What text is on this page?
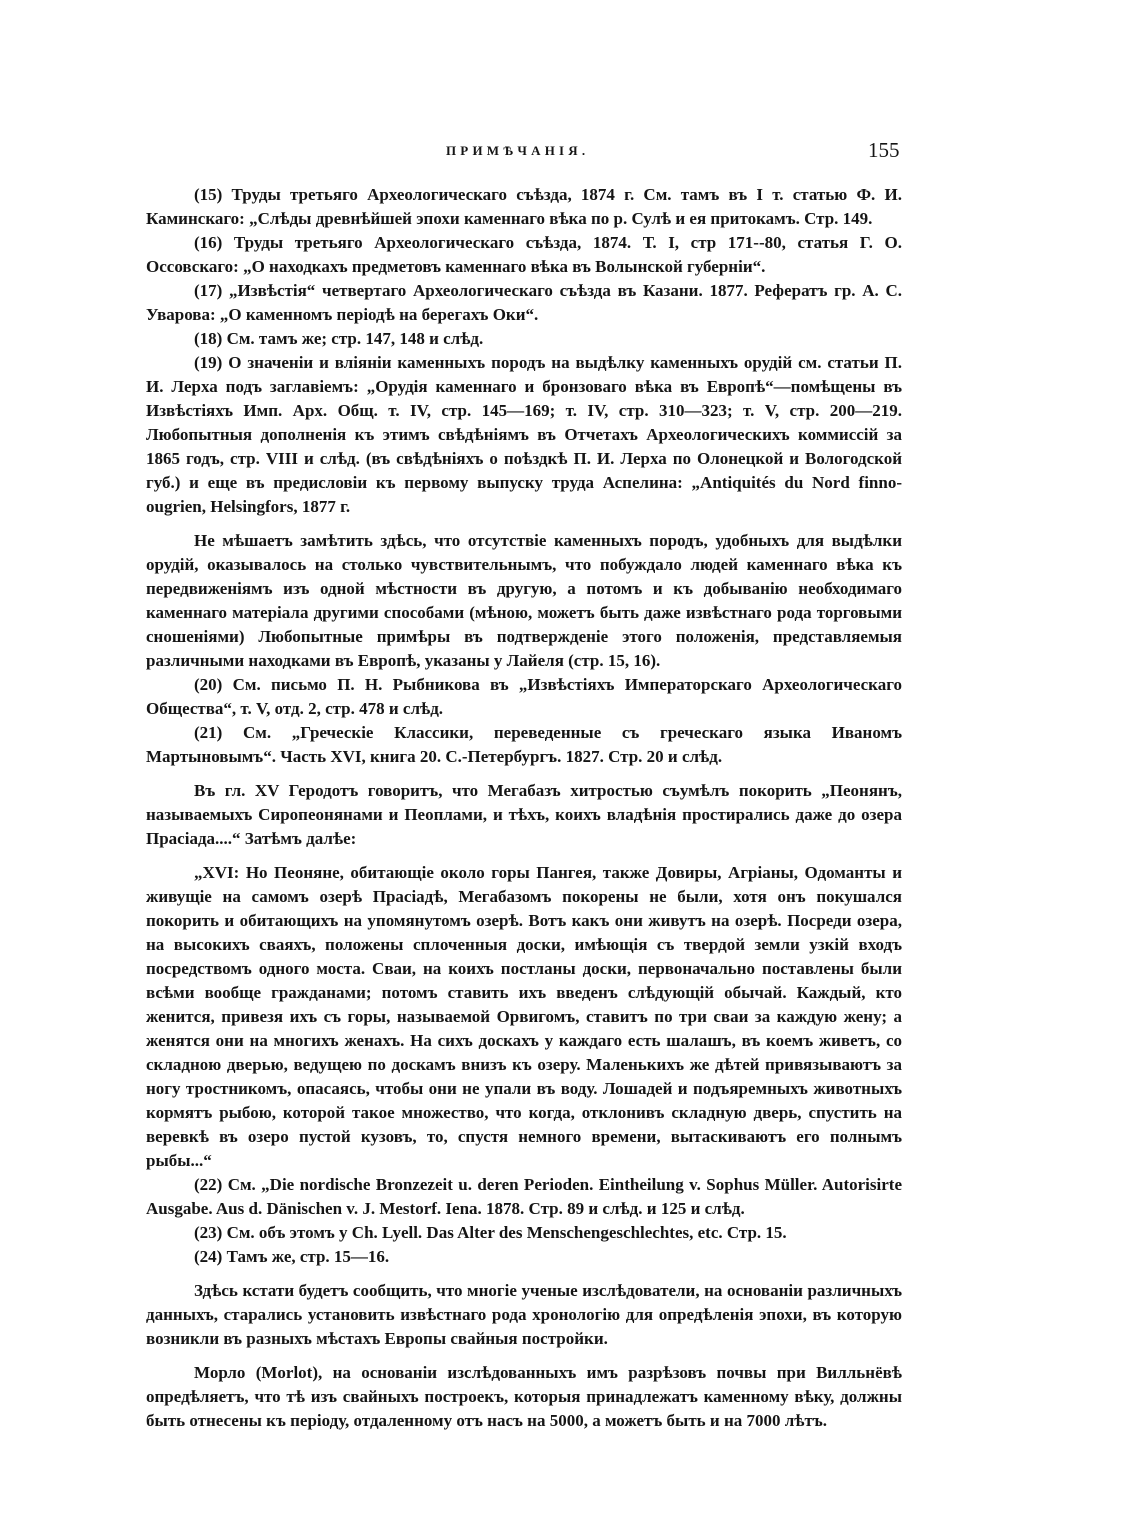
ПРИМѢЧАНІЯ.	155

(15) Труды третьяго Археологическаго съѣзда, 1874 г. См. тамъ въ I т. статью Ф. И. Каминскаго: „Слѣды древнѣйшей эпохи каменнаго вѣка по р. Сулѣ и ея притокамъ. Стр. 149.

(16) Труды третьяго Археологическаго съѣзда, 1874. Т. I, стр 171--80, статья Г. О. Оссовскаго: „О находкахъ предметовъ каменнаго вѣка въ Волынской губерніи“.

(17) „Извѣстія“ четвертаго Археологическаго съѣзда въ Казани. 1877. Рефератъ гр. А. С. Уварова: „О каменномъ періодѣ на берегахъ Оки“.

(18) См. тамъ же; стр. 147, 148 и слѣд.

(19) О значеніи и вліяніи каменныхъ породъ на выдѣлку каменныхъ орудій см. статьи П. И. Лерха подъ заглавіемъ: „Орудія каменнаго и бронзоваго вѣка въ Европѣ“—помѣщены въ Извѣстіяхъ Имп. Арх. Общ. т. IV, стр. 145—169; т. IV, стр. 310—323; т. V, стр. 200—219. Любопытныя дополненія къ этимъ свѣдѣніямъ въ Отчетахъ Археологическихъ коммиссій за 1865 годъ, стр. VIII и слѣд. (въ свѣдѣніяхъ о поѣздкѣ П. И. Лерха по Олонецкой и Вологодской губ.) и еще въ предисловіи къ первому выпуску труда Аспелина: „Antiquités du Nord finno-ougrien, Helsingfors, 1877 г.

Не мѣшаетъ замѣтить здѣсь, что отсутствіе каменныхъ породъ, удобныхъ для выдѣлки орудій, оказывалось на столько чувствительнымъ, что побуждало людей каменнаго вѣка къ передвиженіямъ изъ одной мѣстности въ другую, а потомъ и къ добыванію необходимаго каменнаго матеріала другими способами (мѣною, можетъ быть даже извѣстнаго рода торговыми сношеніями) Любопытные примѣры въ подтвержденіе этого положенія, представляемыя различными находками въ Европѣ, указаны у Лайеля (стр. 15, 16).

(20) См. письмо П. Н. Рыбникова въ „Извѣстіяхъ Императорскаго Археологическаго Общества“, т. V, отд. 2, стр. 478 и слѣд.

(21) См. „Греческіе Классики, переведенные съ греческаго языка Иваномъ Мартыновымъ“. Часть XVI, книга 20. С.-Петербургъ. 1827. Стр. 20 и слѣд.

Въ гл. XV Геродотъ говоритъ, что Мегабазъ хитростью съумѣлъ покорить „Пеонянъ, называемыхъ Сиропеонянами и Пеоплами, и тѣхъ, коихъ владѣнія простирались даже до озера Прасіада....“ Затѣмъ далѣе:

„XVI: Но Пеоняне, обитающіе около горы Пангея, также Довиры, Агріаны, Одоманты и живущіе на самомъ озерѣ Прасіадѣ, Мегабазомъ покорены не были, хотя онъ покушался покорить и обитающихъ на упомянутомъ озерѣ. Вотъ какъ они живутъ на озерѣ. Посреди озера, на высокихъ сваяхъ, положены сплоченныя доски, имѣющія съ твердой земли узкій входъ посредствомъ одного моста. Сваи, на коихъ постланы доски, первоначально поставлены были всѣми вообще гражданами; потомъ ставить ихъ введенъ слѣдующій обычай. Каждый, кто женится, привезя ихъ съ горы, называемой Орвигомъ, ставитъ по три сваи за каждую жену; а женятся они на многихъ женахъ. На сихъ доскахъ у каждаго есть шалашъ, въ коемъ живетъ, со складною дверью, ведущею по доскамъ внизъ къ озеру. Маленькихъ же дѣтей привязываютъ за ногу тростникомъ, опасаясь, чтобы они не упали въ воду. Лошадей и подъяремныхъ животныхъ кормятъ рыбою, которой такое множество, что когда, отклонивъ складную дверь, спустить на веревкѣ въ озеро пустой кузовъ, то, спустя немного времени, вытаскиваютъ его полнымъ рыбы...“

(22) См. „Die nordische Bronzezeit u. deren Perioden. Eintheilung v. Sophus Müller. Autorisirte Ausgabe. Aus d. Dänischen v. J. Mestorf. Iena. 1878. Стр. 89 и слѣд. и 125 и слѣд.

(23) См. объ этомъ у Ch. Lyell. Das Alter des Menschengeschlechtes, etc. Стр. 15.

(24) Тамъ же, стр. 15—16.

Здѣсь кстати будетъ сообщить, что многіе ученые изслѣдователи, на основаніи различныхъ данныхъ, старались установить извѣстнаго рода хронологію для опредѣленія эпохи, въ которую возникли въ разныхъ мѣстахъ Европы свайныя постройки.

Морло (Morlot), на основаніи изслѣдованныхъ имъ разрѣзовъ почвы при Вилльнёвѣ опредѣляетъ, что тѣ изъ свайныхъ построекъ, которыя принадлежатъ каменному вѣку, должны быть отнесены къ періоду, отдаленному отъ насъ на 5000, а можетъ быть и на 7000 лѣтъ.
